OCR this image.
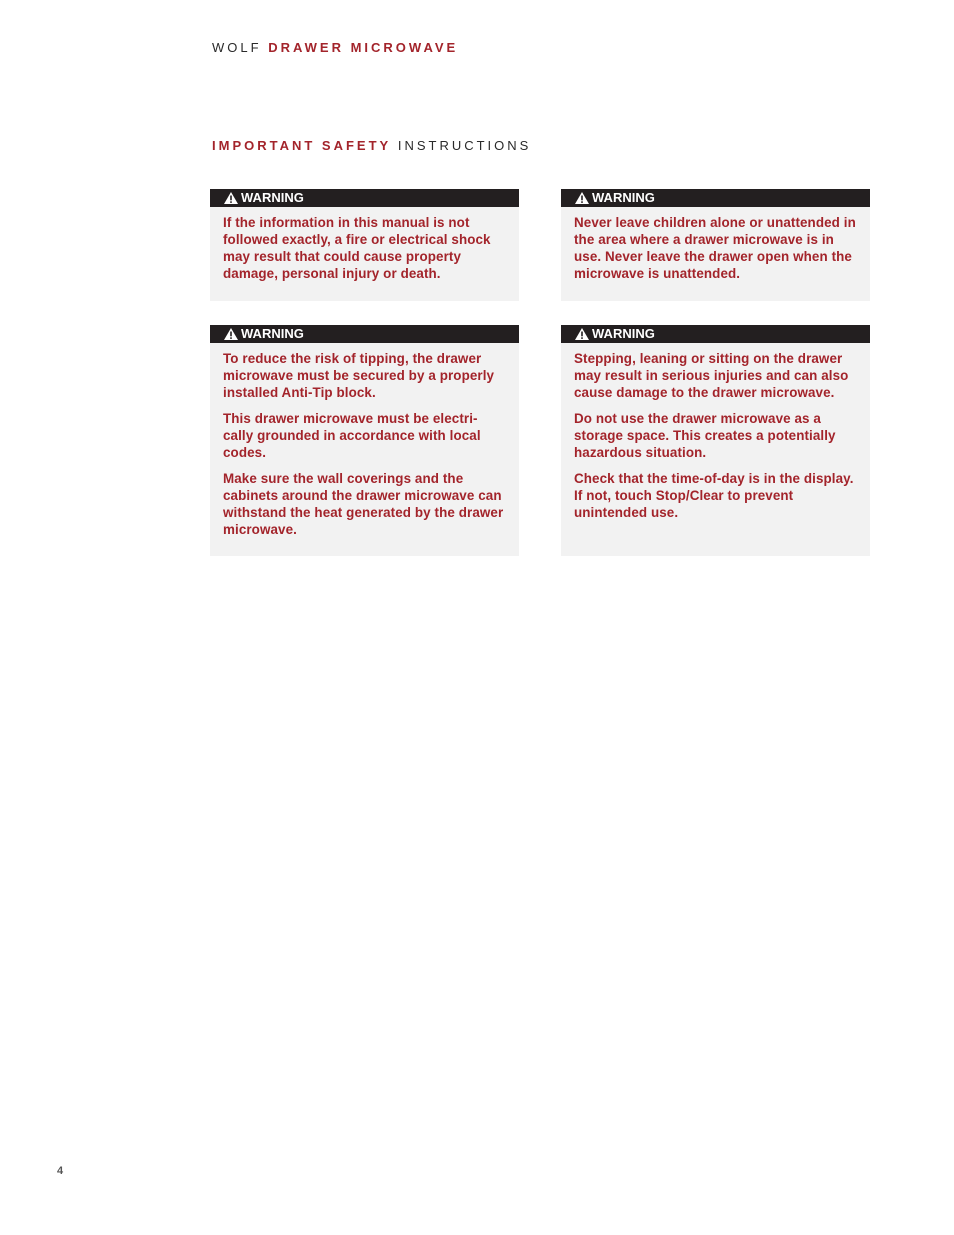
WOLF DRAWER MICROWAVE
IMPORTANT SAFETY INSTRUCTIONS
WARNING

If the information in this manual is not followed exactly, a fire or electrical shock may result that could cause property damage, personal injury or death.

WARNING

Never leave children alone or unattended in the area where a drawer microwave is in use. Never leave the drawer open when the microwave is unattended.

WARNING

To reduce the risk of tipping, the drawer microwave must be secured by a properly installed Anti-Tip block.

This drawer microwave must be electri-cally grounded in accordance with local codes.

Make sure the wall coverings and the cabinets around the drawer microwave can withstand the heat generated by the drawer microwave.

WARNING

Stepping, leaning or sitting on the drawer may result in serious injuries and can also cause damage to the drawer microwave.

Do not use the drawer microwave as a storage space. This creates a potentially hazardous situation.

Check that the time-of-day is in the display. If not, touch Stop/Clear to prevent unintended use.

4
